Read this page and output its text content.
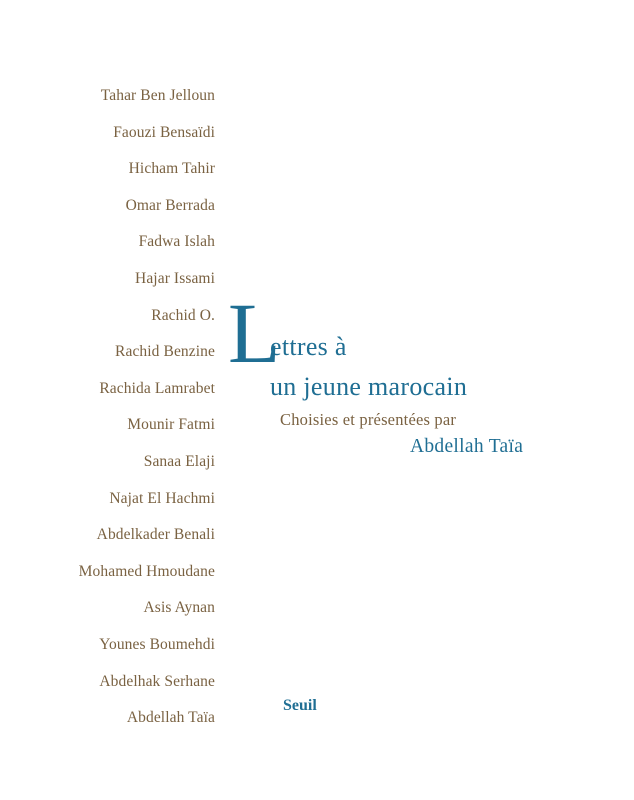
Tahar Ben Jelloun
Faouzi Bensaïdi
Hicham Tahir
Omar Berrada
Fadwa Islah
Hajar Issami
Rachid O.
Rachid Benzine
Rachida Lamrabet
Mounir Fatmi
Sanaa Elaji
Najat El Hachmi
Abdelkader Benali
Mohamed Hmoudane
Asis Aynan
Younes Boumehdi
Abdelhak Serhane
Abdellah Taïa
L
ettres à
un jeune marocain
Choisies et présentées par
Abdellah Taïa
Seuil
